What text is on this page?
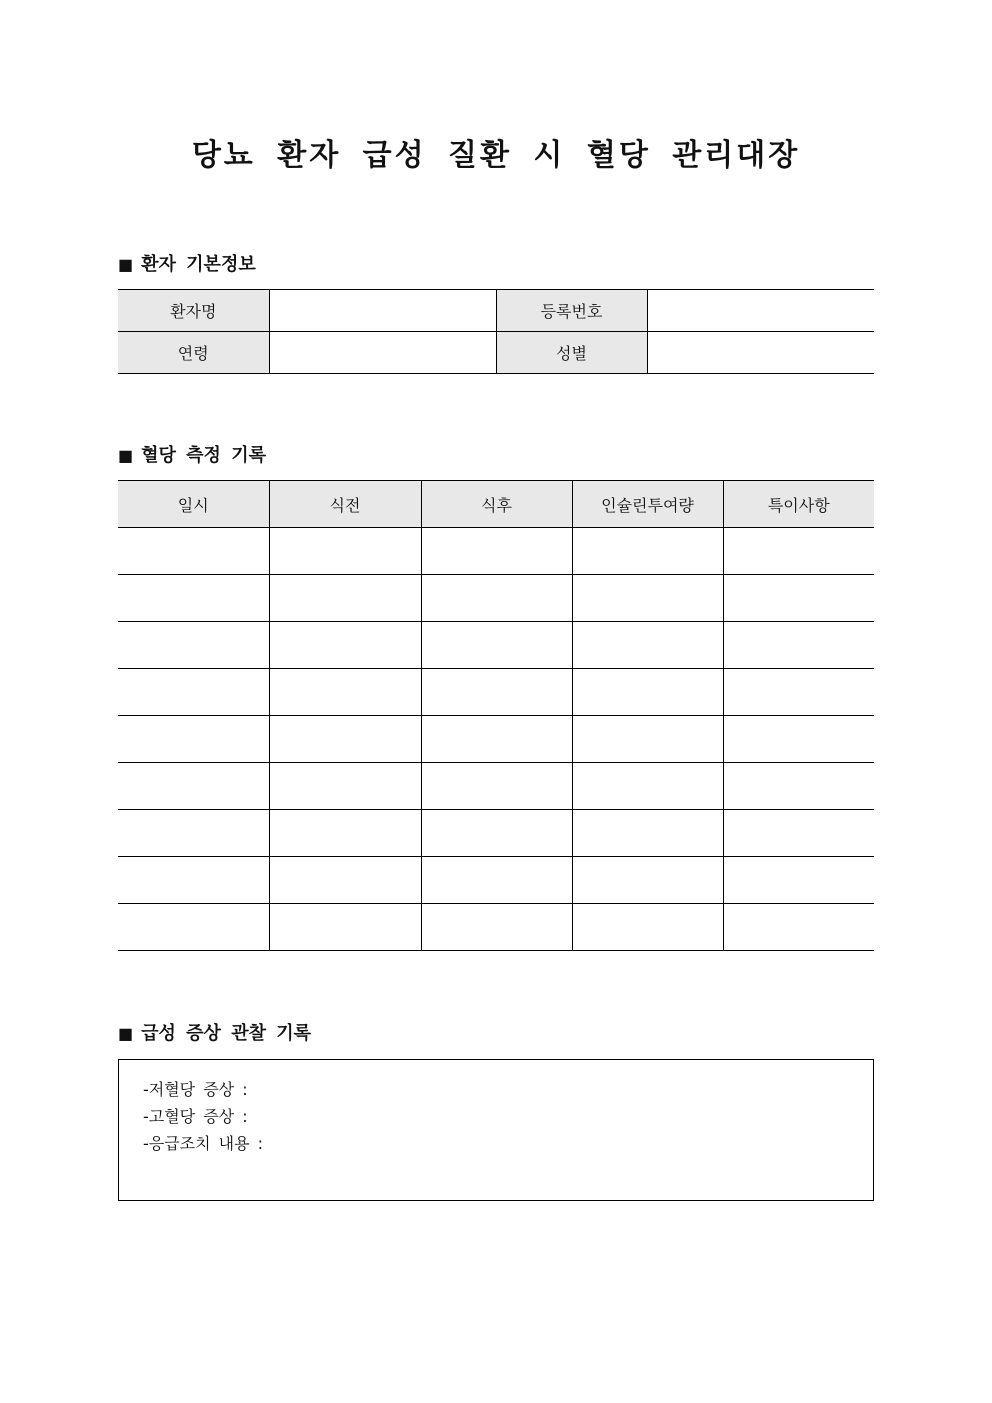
당뇨 환자 급성 질환 시 혈당 관리대장
■ 환자 기본정보
환자명		등록번호	
연령		성별	
■ 혈당 측정 기록
일시	식전	식후	인슐린투여량	특이사항

■ 급성 증상 관찰 기록
-저혈당 증상 :
-고혈당 증상 :
-응급조치 내용 :
